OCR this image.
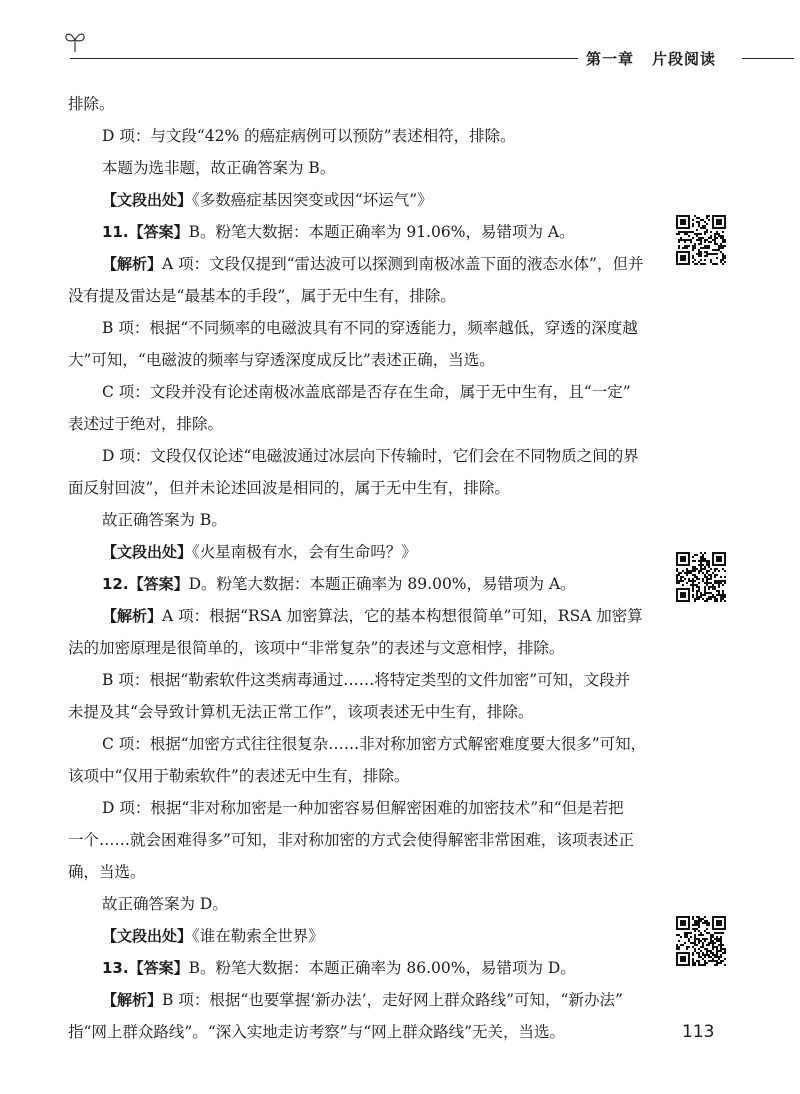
第一章 片段阅读
排除。
D 项：与文段“42% 的癌症病例可以预防”表述相符，排除。
本题为选非题，故正确答案为 B。
【文段出处】《多数癌症基因突变或因“坏运气”》
11.【答案】B。粉笔大数据：本题正确率为 91.06%，易错项为 A。
【解析】A 项：文段仅提到“雷达波可以探测到南极冰盖下面的液态水体”，但并
没有提及雷达是“最基本的手段”，属于无中生有，排除。
B 项：根据“不同频率的电磁波具有不同的穿透能力，频率越低，穿透的深度越
大”可知，“电磁波的频率与穿透深度成反比”表述正确，当选。
C 项：文段并没有论述南极冰盖底部是否存在生命，属于无中生有，且“一定”
表述过于绝对，排除。
D 项：文段仅仅论述“电磁波通过冰层向下传输时，它们会在不同物质之间的界
面反射回波”，但并未论述回波是相同的，属于无中生有，排除。
故正确答案为 B。
【文段出处】《火星南极有水，会有生命吗？》
12.【答案】D。粉笔大数据：本题正确率为 89.00%，易错项为 A。
【解析】A 项：根据“RSA 加密算法，它的基本构想很简单”可知，RSA 加密算
法的加密原理是很简单的，该项中“非常复杂”的表述与文意相悖，排除。
B 项：根据“勒索软件这类病毒通过……将特定类型的文件加密”可知，文段并
未提及其“会导致计算机无法正常工作”，该项表述无中生有，排除。
C 项：根据“加密方式往往很复杂……非对称加密方式解密难度要大很多”可知，
该项中“仅用于勒索软件”的表述无中生有，排除。
D 项：根据“非对称加密是一种加密容易但解密困难的加密技术”和“但是若把
一个……就会困难得多”可知，非对称加密的方式会使得解密非常困难，该项表述正
确，当选。
故正确答案为 D。
【文段出处】《谁在勒索全世界》
13.【答案】B。粉笔大数据：本题正确率为 86.00%，易错项为 D。
【解析】B 项：根据“也要掌握‘新办法’，走好网上群众路线”可知，“新办法”
指“网上群众路线”。“深入实地走访考察”与“网上群众路线”无关，当选。	113
